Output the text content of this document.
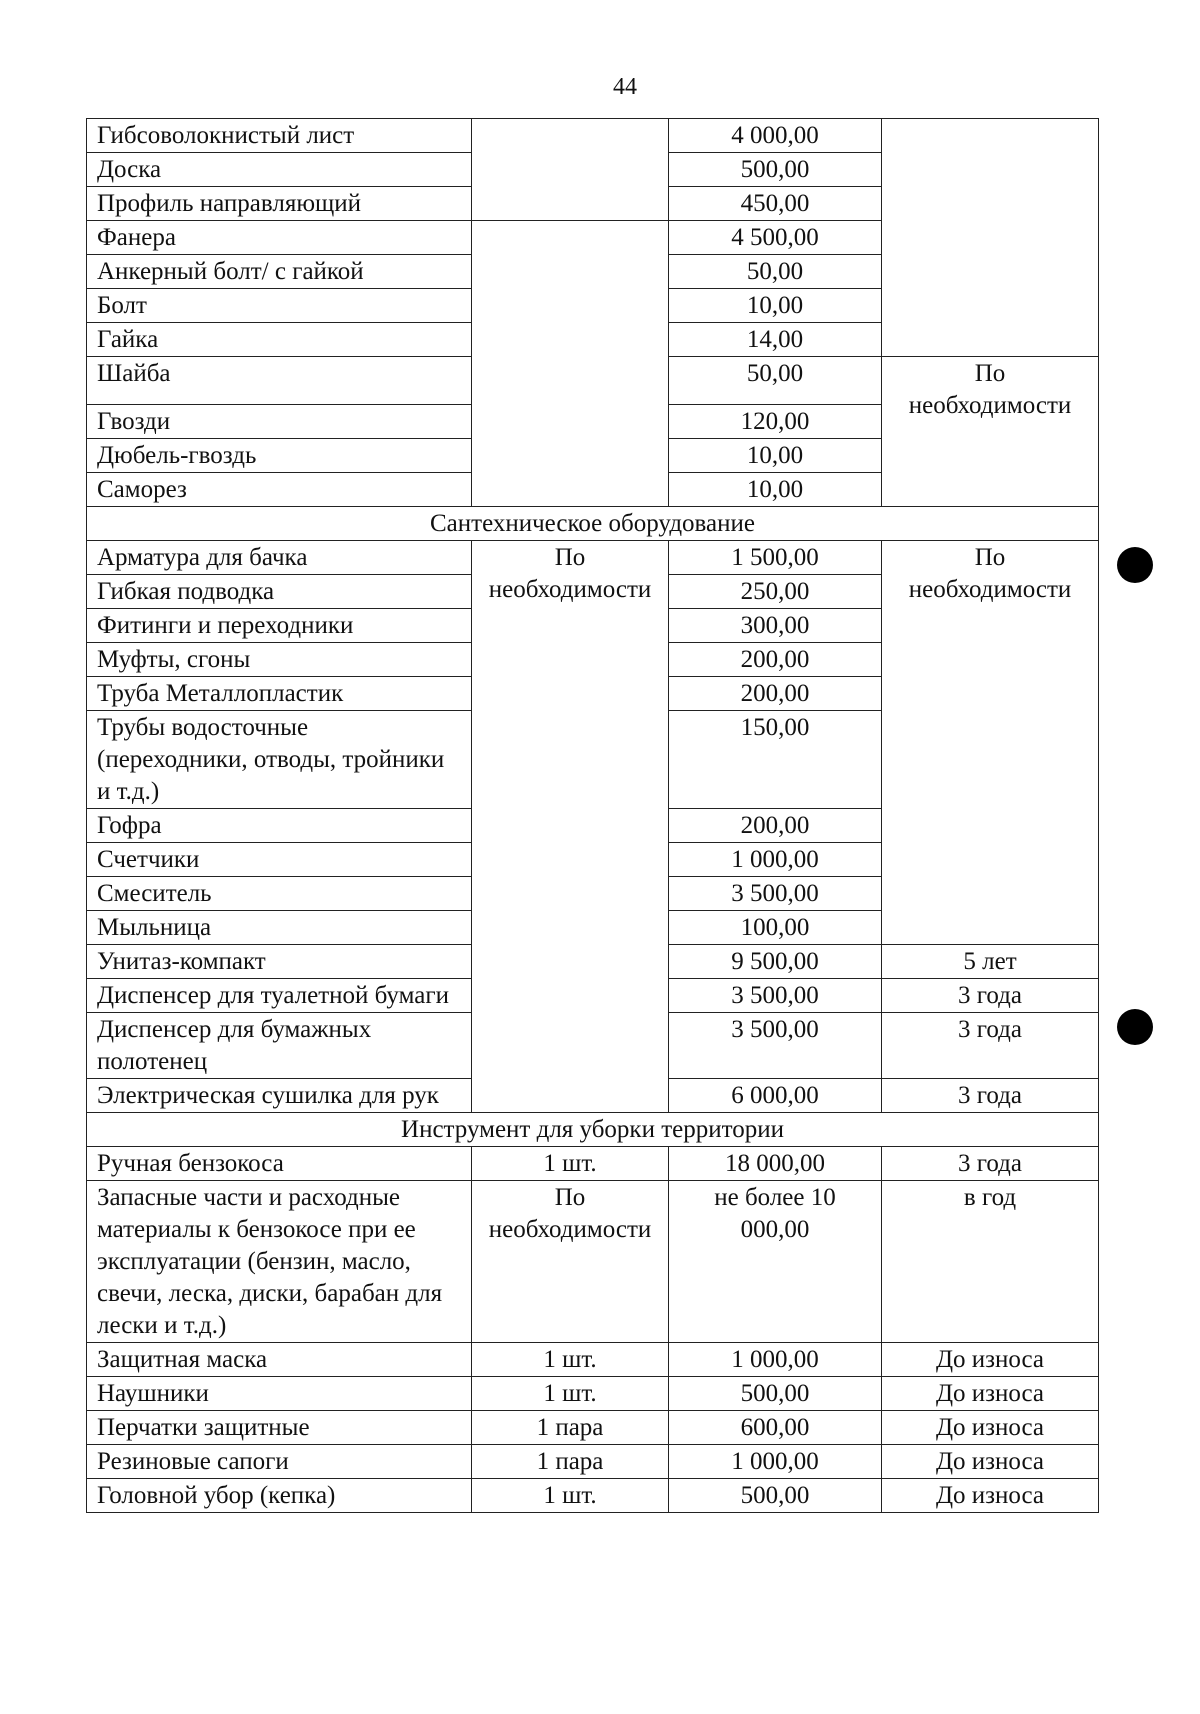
44
Гибсоволокнистый лист		4 000,00	
Доска		500,00	
Профиль направляющий		450,00	
Фанера		4 500,00	
Анкерный болт/ с гайкой		50,00	
Болт		10,00	
Гайка		14,00	
Шайба		50,00	По необходимости
Гвозди		120,00	
Дюбель-гвоздь		10,00	
Саморез		10,00	
Сантехническое оборудование			
Арматура для бачка	По необходимости	1 500,00	По необходимости
Гибкая подводка		250,00	
Фитинги и переходники		300,00	
Муфты, сгоны		200,00	
Труба Металлопластик		200,00	
Трубы водосточные (переходники, отводы, тройники и т.д.)		150,00	
Гофра		200,00	
Счетчики		1 000,00	
Смеситель		3 500,00	
Мыльница		100,00	
Унитаз-компакт		9 500,00	5 лет
Диспенсер для туалетной бумаги		3 500,00	3 года
Диспенсер для бумажных полотенец		3 500,00	3 года
Электрическая сушилка для рук		6 000,00	3 года
Инструмент для уборки территории			
Ручная бензокоса	1 шт.	18 000,00	3 года
Запасные части и расходные материалы к бензокосе при ее эксплуатации (бензин, масло, свечи, леска, диски, барабан для лески и т.д.)	По необходимости	не более 10 000,00	в год
Защитная маска	1 шт.	1 000,00	До износа
Наушники	1 шт.	500,00	До износа
Перчатки защитные	1 пара	600,00	До износа
Резиновые сапоги	1 пара	1 000,00	До износа
Головной убор (кепка)	1 шт.	500,00	До износа
